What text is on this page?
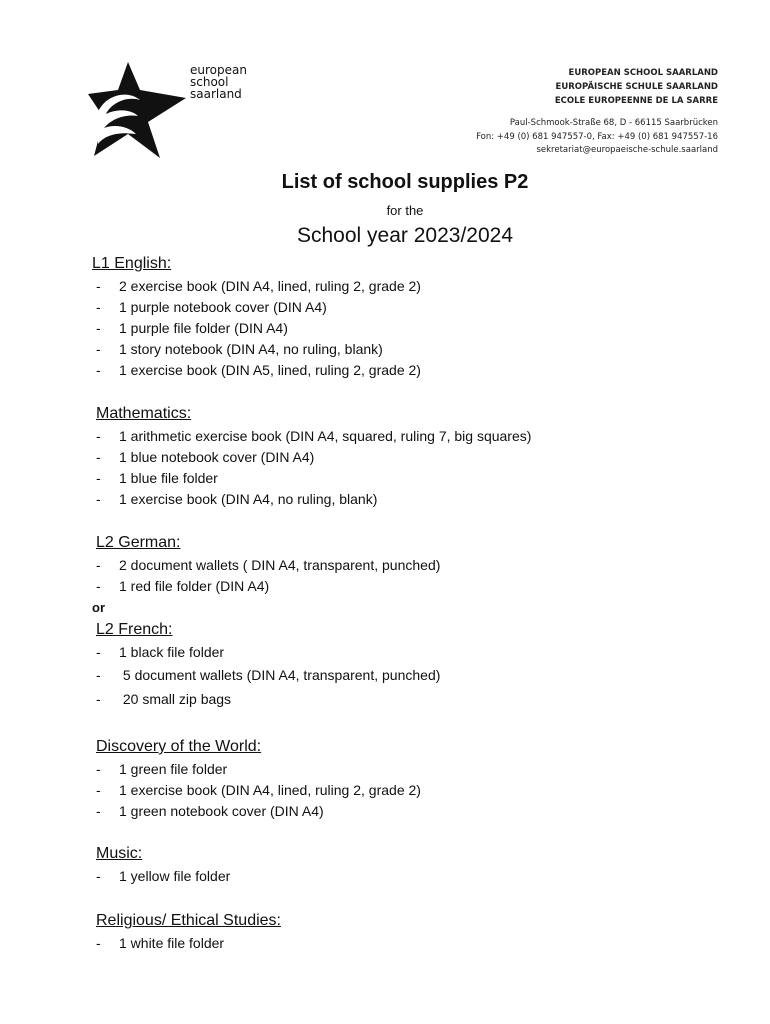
european
school
saarland
EUROPEAN SCHOOL SAARLAND
EUROPÄISCHE SCHULE SAARLAND
ECOLE EUROPEENNE DE LA SARRE
Paul-Schmook-Straße 68, D - 66115 Saarbrücken
Fon: +49 (0) 681 947557-0, Fax: +49 (0) 681 947557-16
sekretariat@europaeische-schule.saarland
List of school supplies P2
for the
School year 2023/2024
L1 English:
- 2 exercise book (DIN A4, lined, ruling 2, grade 2)

- 1 purple notebook cover (DIN A4)

- 1 purple file folder (DIN A4)

- 1 story notebook (DIN A4, no ruling, blank)

- 1 exercise book (DIN A5, lined, ruling 2, grade 2)

Mathematics:
- 1 arithmetic exercise book (DIN A4, squared, ruling 7, big squares)

- 1 blue notebook cover (DIN A4)

- 1 blue file folder

- 1 exercise book (DIN A4, no ruling, blank)

L2 German:
- 2 document wallets ( DIN A4, transparent, punched)

- 1 red file folder (DIN A4)

or
L2 French:
- 1 black file folder

- 5 document wallets (DIN A4, transparent, punched)

- 20 small zip bags

Discovery of the World:
- 1 green file folder

- 1 exercise book (DIN A4, lined, ruling 2, grade 2)

- 1 green notebook cover (DIN A4)

Music:
- 1 yellow file folder

Religious/ Ethical Studies:
- 1 white file folder
